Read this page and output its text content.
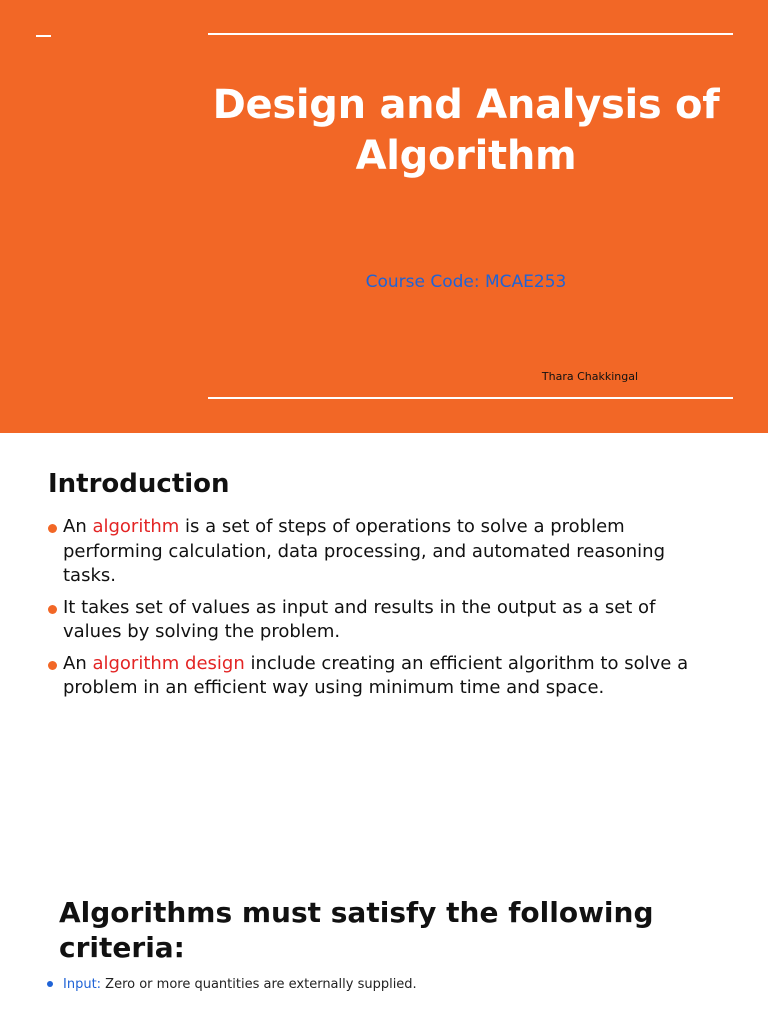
Design and Analysis of
Algorithm
Course Code: MCAE253
Thara Chakkingal
Introduction
An algorithm is a set of steps of operations to solve a problem performing calculation, data processing, and automated reasoning tasks.
It takes set of values as input and results in the output as a set of values by solving the problem.
An algorithm design include creating an efficient algorithm to solve a problem in an efficient way using minimum time and space.
Algorithms must satisfy the following
criteria:
Input: Zero or more quantities are externally supplied.
